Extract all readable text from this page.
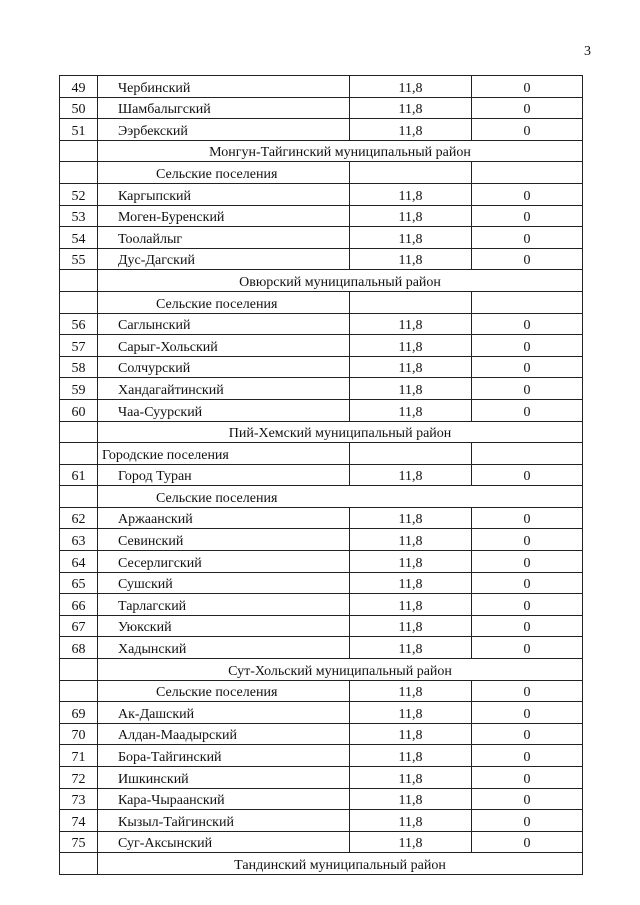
3
49	Чербинский	11,8	0
50	Шамбалыгский	11,8	0
51	Ээрбекский	11,8	0
	Монгун-Тайгинский муниципальный район		
	Сельские поселения		
52	Каргыпский	11,8	0
53	Моген-Буренский	11,8	0
54	Тоолайлыг	11,8	0
55	Дус-Дагский	11,8	0
	Овюрский муниципальный район		
	Сельские поселения		
56	Саглынский	11,8	0
57	Сарыг-Хольский	11,8	0
58	Солчурский	11,8	0
59	Хандагайтинский	11,8	0
60	Чаа-Суурский	11,8	0
	Пий-Хемский муниципальный район		
	Городские поселения		
61	Город Туран	11,8	0
	Сельские поселения		
62	Аржаанский	11,8	0
63	Севинский	11,8	0
64	Сесерлигский	11,8	0
65	Сушский	11,8	0
66	Тарлагский	11,8	0
67	Уюкский	11,8	0
68	Хадынский	11,8	0
	Сут-Хольский муниципальный район		
	Сельские поселения	11,8	0
69	Ак-Дашский	11,8	0
70	Алдан-Маадырский	11,8	0
71	Бора-Тайгинский	11,8	0
72	Ишкинский	11,8	0
73	Кара-Чыраанский	11,8	0
74	Кызыл-Тайгинский	11,8	0
75	Суг-Аксынский	11,8	0
	Тандинский муниципальный район		
